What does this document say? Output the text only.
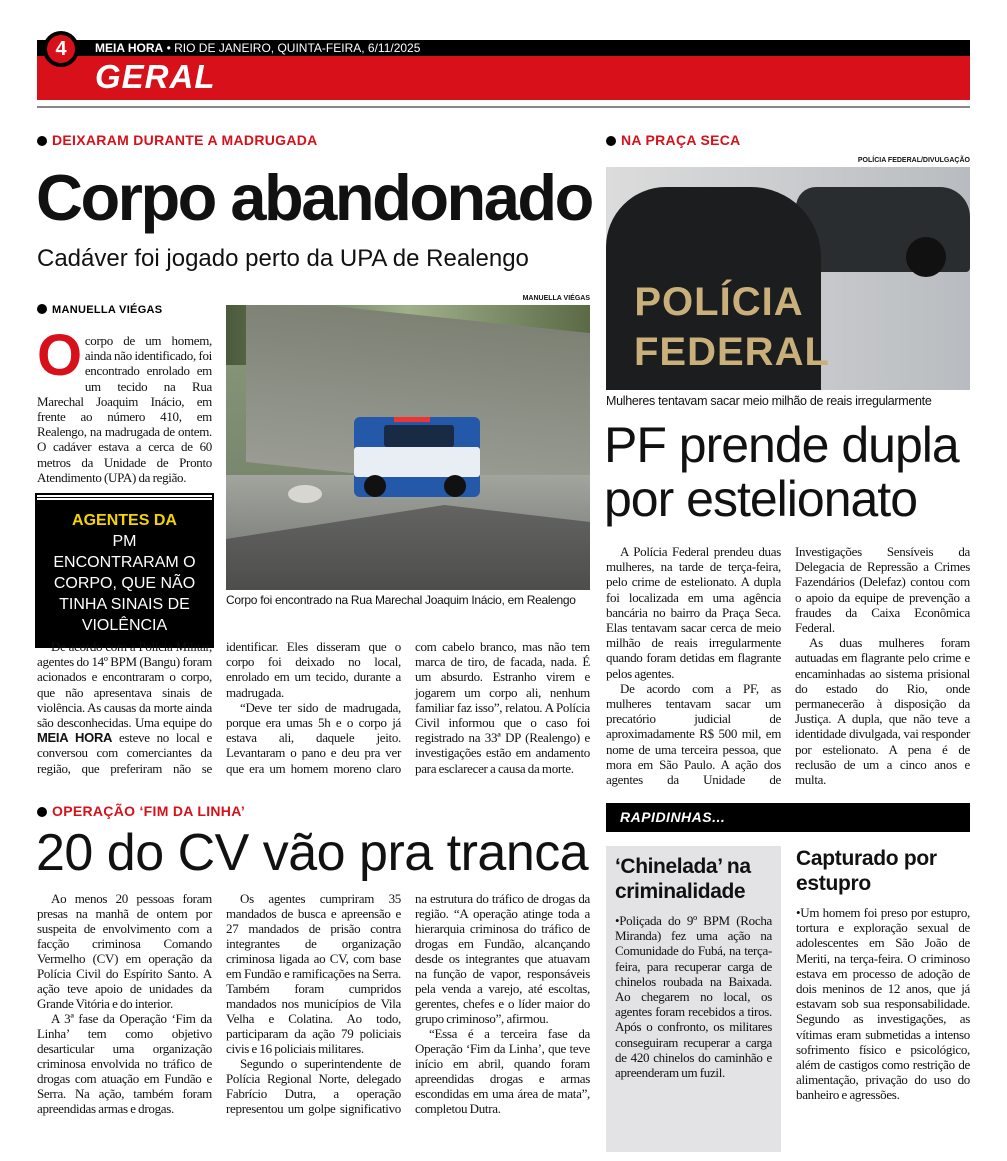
4	MEIA HORA • RIO DE JANEIRO, QUINTA-FEIRA, 6/11/2025
GERAL
DEIXARAM DURANTE A MADRUGADA
Corpo abandonado
Cadáver foi jogado perto da UPA de Realengo
MANUELLA VIÉGAS
Ocorpo de um homem, ainda não identificado, foi encontrado enrolado em um tecido na Rua Marechal Joaquim Inácio, em frente ao número 410, em Realengo, na madrugada de ontem. O cadáver estava a cerca de 60 metros da Unidade de Pronto Atendimento (UPA) da região.
AGENTES DA
PM ENCONTRARAM O CORPO, QUE NÃO TINHA SINAIS DE VIOLÊNCIA
MANUELLA VIÉGAS
Corpo foi encontrado na Rua Marechal Joaquim Inácio, em Realengo

De acordo com a Polícia Militar, agentes do 14º BPM (Bangu) foram acionados e encontraram o corpo, que não apresentava sinais de violência. As causas da morte ainda são desconhecidas. Uma equipe do MEIA HORA esteve no local e conversou com comerciantes da região, que preferiram não se identificar. Eles disseram que o corpo foi deixado no local, enrolado em um tecido, durante a madrugada.

“Deve ter sido de madrugada, porque era umas 5h e o corpo já estava ali, daquele jeito. Levantaram o pano e deu pra ver que era um homem moreno claro com cabelo branco, mas não tem marca de tiro, de facada, nada. É um absurdo. Estranho virem e jogarem um corpo ali, nenhum familiar faz isso”, relatou. A Polícia Civil informou que o caso foi registrado na 33ª DP (Realengo) e investigações estão em andamento para esclarecer a causa da morte.

NA PRAÇA SECA
POLÍCIA FEDERAL/DIVULGAÇÃO
POLÍCIA FEDERAL
Mulheres tentavam sacar meio milhão de reais irregularmente
PF prende dupla por estelionato

A Polícia Federal prendeu duas mulheres, na tarde de terça-feira, pelo crime de estelionato. A dupla foi localizada em uma agência bancária no bairro da Praça Seca. Elas tentavam sacar cerca de meio milhão de reais irregularmente quando foram detidas em flagrante pelos agentes.

De acordo com a PF, as mulheres tentavam sacar um precatório judicial de aproximadamente R$ 500 mil, em nome de uma terceira pessoa, que mora em São Paulo. A ação dos agentes da Unidade de Investigações Sensíveis da Delegacia de Repressão a Crimes Fazendários (Delefaz) contou com o apoio da equipe de prevenção a fraudes da Caixa Econômica Federal.

As duas mulheres foram autuadas em flagrante pelo crime e encaminhadas ao sistema prisional do estado do Rio, onde permanecerão à disposição da Justiça. A dupla, que não teve a identidade divulgada, vai responder por estelionato. A pena é de reclusão de um a cinco anos e multa.

OPERAÇÃO ‘FIM DA LINHA’
20 do CV vão pra tranca

Ao menos 20 pessoas foram presas na manhã de ontem por suspeita de envolvimento com a facção criminosa Comando Vermelho (CV) em operação da Polícia Civil do Espírito Santo. A ação teve apoio de unidades da Grande Vitória e do interior.

A 3ª fase da Operação ‘Fim da Linha’ tem como objetivo desarticular uma organização criminosa envolvida no tráfico de drogas com atuação em Fundão e Serra. Na ação, também foram apreendidas armas e drogas.

Os agentes cumpriram 35 mandados de busca e apreensão e 27 mandados de prisão contra integrantes de organização criminosa ligada ao CV, com base em Fundão e ramificações na Serra. Também foram cumpridos mandados nos municípios de Vila Velha e Colatina. Ao todo, participaram da ação 79 policiais civis e 16 policiais militares.

Segundo o superintendente de Polícia Regional Norte, delegado Fabrício Dutra, a operação representou um golpe significativo na estrutura do tráfico de drogas da região. “A operação atinge toda a hierarquia criminosa do tráfico de drogas em Fundão, alcançando desde os integrantes que atuavam na função de vapor, responsáveis pela venda a varejo, até escoltas, gerentes, chefes e o líder maior do grupo criminoso”, afirmou.

“Essa é a terceira fase da Operação ‘Fim da Linha’, que teve início em abril, quando foram apreendidas drogas e armas escondidas em uma área de mata”, completou Dutra.

RAPIDINHAS...
‘Chinelada’ na criminalidade
•Poliçada do 9º BPM (Rocha Miranda) fez uma ação na Comunidade do Fubá, na terça-feira, para recuperar carga de chinelos roubada na Baixada. Ao chegarem no local, os agentes foram recebidos a tiros. Após o confronto, os militares conseguiram recuperar a carga de 420 chinelos do caminhão e apreenderam um fuzil.
Capturado por estupro
•Um homem foi preso por estupro, tortura e exploração sexual de adolescentes em São João de Meriti, na terça-feira. O criminoso estava em processo de adoção de dois meninos de 12 anos, que já estavam sob sua responsabilidade. Segundo as investigações, as vítimas eram submetidas a intenso sofrimento físico e psicológico, além de castigos como restrição de alimentação, privação do uso do banheiro e agressões.
